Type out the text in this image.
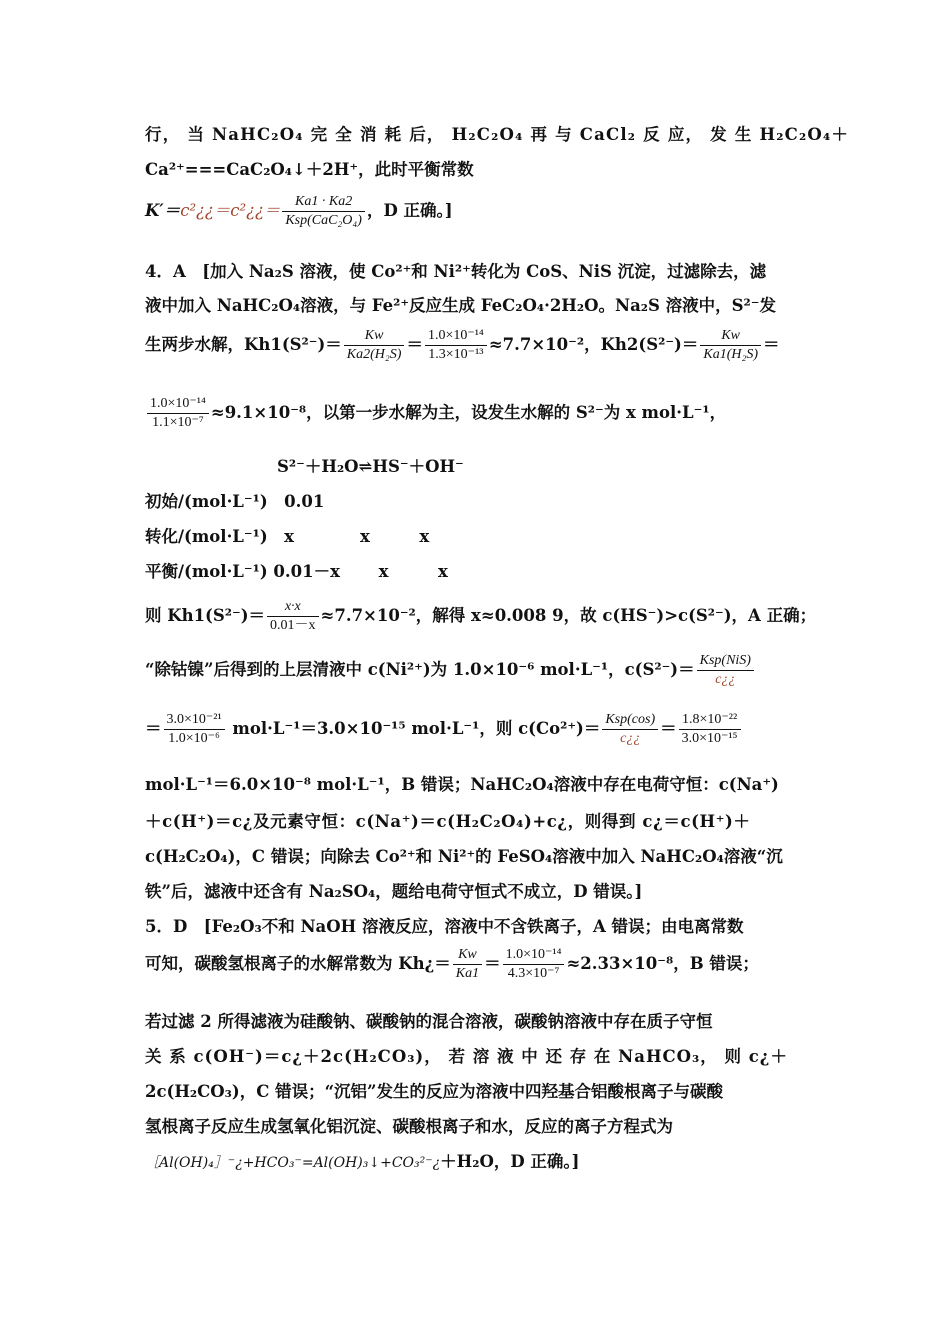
行， 当 NaHC₂O₄ 完 全 消 耗 后， H₂C₂O₄ 再 与 CaCl₂ 反 应， 发 生 H₂C₂O₄＋
Ca²⁺===CaC₂O₄↓＋2H⁺，此时平衡常数
K′＝c²¿¿＝c²¿¿＝ $\frac{Ka1 \cdot Ka2}{\text{Ksp(CaC₂O₄)}}$ ，D 正确。]
4．A　[加入 Na₂S 溶液，使 Co²⁺和 Ni²⁺转化为 CoS、NiS 沉淀，过滤除去，滤
液中加入 NaHC₂O₄溶液，与 Fe²⁺反应生成 FeC₂O₄·2H₂O。Na₂S 溶液中，S²⁻发
生两步水解，$Kh1(S^{2-})= \frac{Kw}{\text{Ka2(H₂S)}} = \frac{\text{1.0×10⁻¹⁴}}{\text{1.3×10⁻¹³}} \approx 7.7\times 10^{-2}$，$Kh2(S^{2-})= \frac{Kw}{\text{Ka1(H₂S)}}$ ＝
$\frac{\text{1.0×10⁻¹⁴}}{\text{1.1×10⁻⁷}} \approx 9.1\times 10^{-8}$，以第一步水解为主，设发生水解的 S²⁻为 x mol·L⁻¹，
S²⁻＋H₂O⇌HS⁻＋OH⁻
初始/(mol·L⁻¹)　0.01
转化/(mol·L⁻¹)　x　　　　x　　　x
平衡/(mol·L⁻¹) 0.01－x　　 x　　　x
则 $Kh1(S^{2-})= \frac{x\cdot x}{0.01-x} \approx 7.7\times 10^{-2}$，解得 x≈0.008 9，故 c(HS⁻)>c(S²⁻)，A 正确；
“除钴镍”后得到的上层清液中 c(Ni²⁺)为 1.0×10⁻⁶ mol·L⁻¹，$c(S^{2-})= \frac{\text{Ksp(NiS)}}{c¿¿}$
＝ $\frac{\text{3.0×10⁻²¹}}{\text{1.0×10⁻⁶}} mol\cdot L^{-1}=3.0\times 10^{-15}$ mol·L⁻¹，则 $c(Co^{2+})= \frac{\text{Ksp(cos)}}{c¿¿} = \frac{\text{1.8×10⁻²²}}{\text{3.0×10⁻¹⁵}}$
mol·L⁻¹＝6.0×10⁻⁸ mol·L⁻¹，B 错误；NaHC₂O₄溶液中存在电荷守恒：c(Na⁺)
＋c(H⁺)＝c¿及元素守恒：c(Na⁺)＝c(H₂C₂O₄)+c¿，则得到 c¿＝c(H⁺)＋
c(H₂C₂O₄)，C 错误；向除去 Co²⁺和 Ni²⁺的 FeSO₄溶液中加入 NaHC₂O₄溶液“沉
铁”后，滤液中还含有 Na₂SO₄，题给电荷守恒式不成立，D 错误。]
5．D　[Fe₂O₃不和 NaOH 溶液反应，溶液中不含铁离子，A 错误；由电离常数
可知，碳酸氢根离子的水解常数为 Kh¿＝ $\frac{Kw}{Ka1} = \frac{\text{1.0×10⁻¹⁴}}{\text{4.3×10⁻⁷}} \approx 2.33\times 10^{-8}$，B 错误；
若过滤 2 所得滤液为硅酸钠、碳酸钠的混合溶液，碳酸钠溶液中存在质子守恒
关 系 c(OH⁻)＝c¿＋2c(H₂CO₃)， 若 溶 液 中 还 存 在 NaHCO₃， 则 c¿＋
2c(H₂CO₃)，C 错误；“沉铝”发生的反应为溶液中四羟基合铝酸根离子与碳酸
氢根离子反应生成氢氧化铝沉淀、碳酸根离子和水，反应的离子方程式为
［Al(OH)₄］⁻¿+HCO₃⁻=Al(OH)₃↓+CO₃²⁻¿＋H₂O，D 正确。]
